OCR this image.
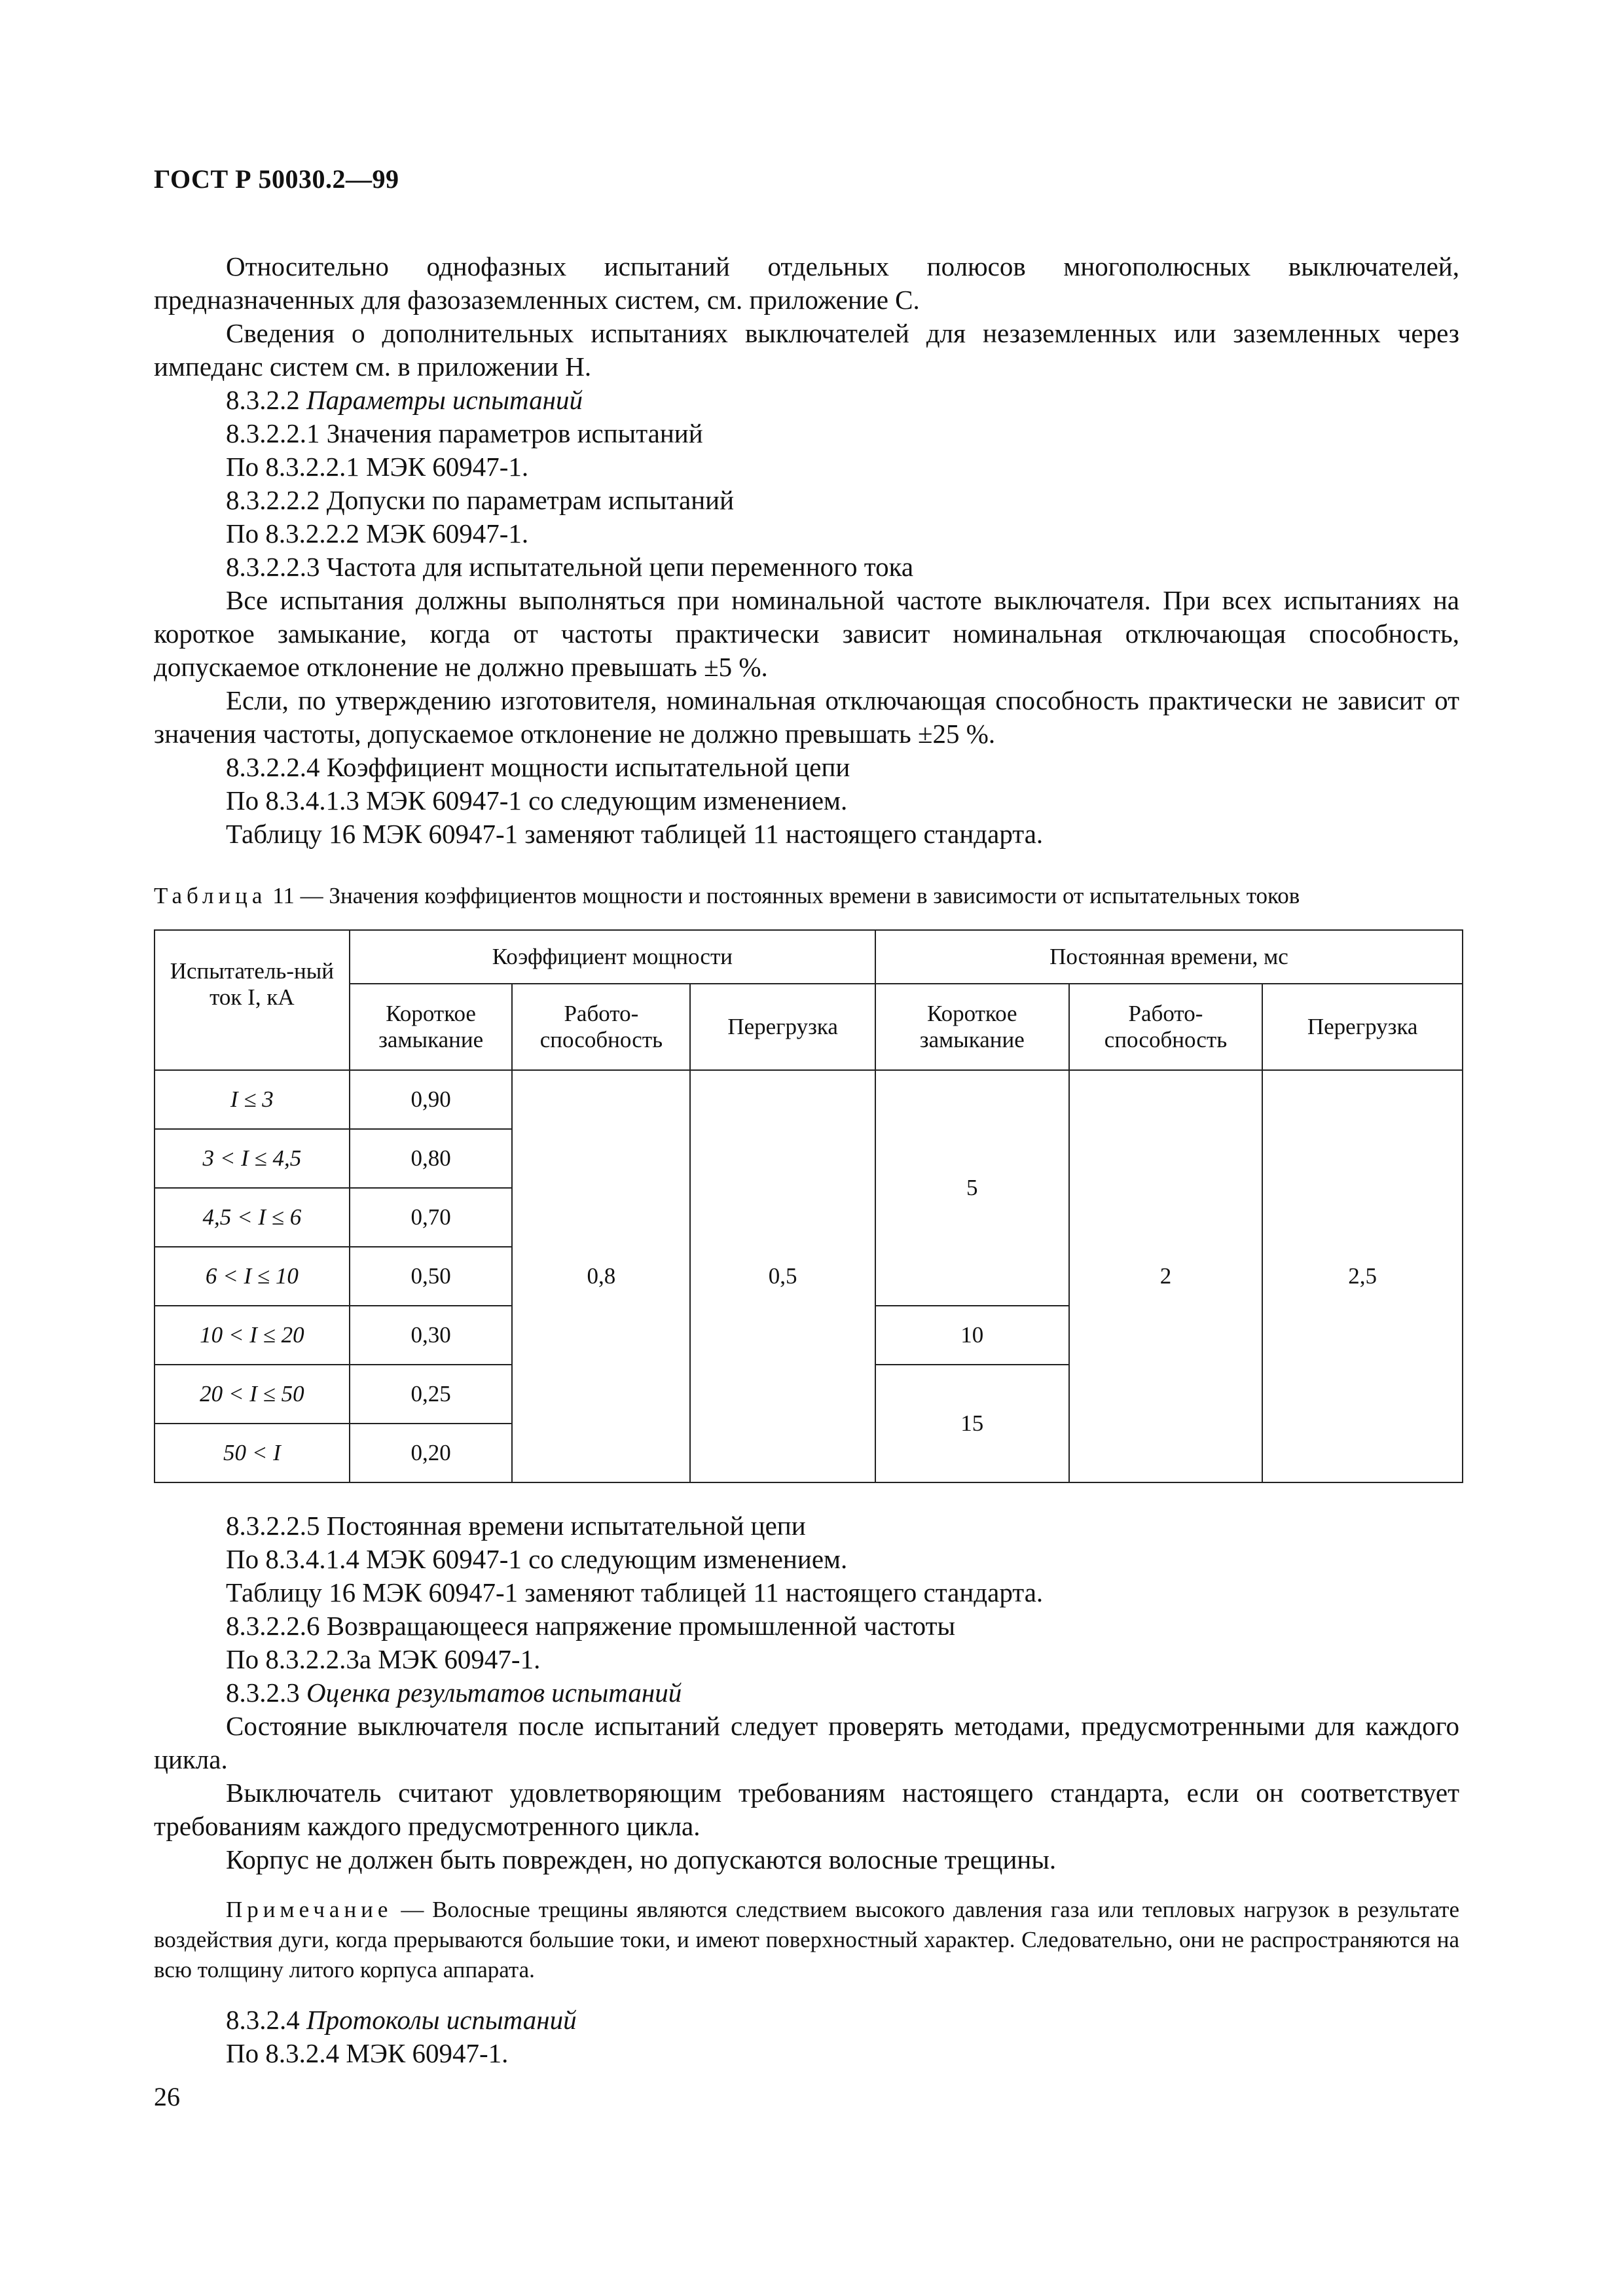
ГОСТ Р 50030.2—99

Относительно однофазных испытаний отдельных полюсов многополюсных выключателей, предназначенных для фазозаземленных систем, см. приложение С.

Сведения о дополнительных испытаниях выключателей для незаземленных или заземленных через импеданс систем см. в приложении Н.

8.3.2.2 Параметры испытаний

8.3.2.2.1 Значения параметров испытаний

По 8.3.2.2.1 МЭК 60947-1.

8.3.2.2.2 Допуски по параметрам испытаний

По 8.3.2.2.2 МЭК 60947-1.

8.3.2.2.3 Частота для испытательной цепи переменного тока

Все испытания должны выполняться при номинальной частоте выключателя. При всех испытаниях на короткое замыкание, когда от частоты практически зависит номинальная отключающая способность, допускаемое отклонение не должно превышать ±5 %.

Если, по утверждению изготовителя, номинальная отключающая способность практически не зависит от значения частоты, допускаемое отклонение не должно превышать ±25 %.

8.3.2.2.4 Коэффициент мощности испытательной цепи

По 8.3.4.1.3 МЭК 60947-1 со следующим изменением.

Таблицу 16 МЭК 60947-1 заменяют таблицей 11 настоящего стандарта.

Таблица 11 — Значения коэффициентов мощности и постоянных времени в зависимости от испытательных токов

Испытатель-ный ток I, кА	Коэффициент мощности			Постоянная времени, мс		
	Короткое замыкание	Работо-способность	Перегрузка	Короткое замыкание	Работо-способность	Перегрузка
I ≤ 3	0,90	0,8	0,5	5	2	2,5
3 < I ≤ 4,5	0,80					
4,5 < I ≤ 6	0,70					
6 < I ≤ 10	0,50					
10 < I ≤ 20	0,30			10		
20 < I ≤ 50	0,25			15		
50 < I	0,20					

8.3.2.2.5 Постоянная времени испытательной цепи

По 8.3.4.1.4 МЭК 60947-1 со следующим изменением.

Таблицу 16 МЭК 60947-1 заменяют таблицей 11 настоящего стандарта.

8.3.2.2.6 Возвращающееся напряжение промышленной частоты

По 8.3.2.2.3а МЭК 60947-1.

8.3.2.3 Оценка результатов испытаний

Состояние выключателя после испытаний следует проверять методами, предусмотренными для каждого цикла.

Выключатель считают удовлетворяющим требованиям настоящего стандарта, если он соответствует требованиям каждого предусмотренного цикла.

Корпус не должен быть поврежден, но допускаются волосные трещины.

Примечание — Волосные трещины являются следствием высокого давления газа или тепловых нагрузок в результате воздействия дуги, когда прерываются большие токи, и имеют поверхностный характер. Следовательно, они не распространяются на всю толщину литого корпуса аппарата.

8.3.2.4 Протоколы испытаний

По 8.3.2.4 МЭК 60947-1.

26
